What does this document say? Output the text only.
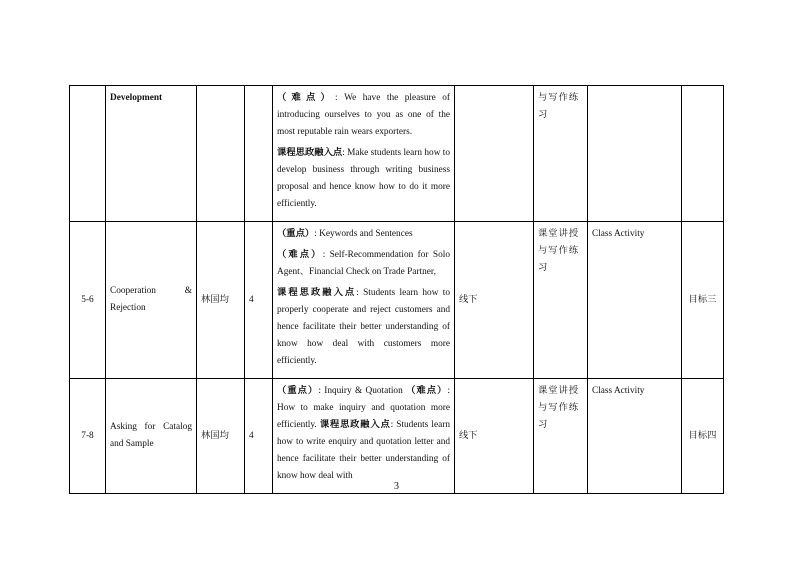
	Development			（难点）: We have the pleasure of introducing ourselves to you as one of the most reputable rain wears exporters.
课程思政融入点: Make students learn how to develop business through writing business proposal and hence know how to do it more efficiently.		与写作练习		
5-6	Cooperation & Rejection	林国均	4	（重点）: Keywords and Sentences
（难点）: Self-Recommendation for Solo Agent、Financial Check on Trade Partner,
课程思政融入点: Students learn how to properly cooperate and reject customers and hence facilitate their better understanding of know how deal with customers more efficiently.	线下	课堂讲授与写作练习	Class Activity	目标三
7-8	Asking for Catalog and Sample	林国均	4	（重点）: Inquiry & Quotation （难点）: How to make inquiry and quotation more efficiently. 课程思政融入点: Students learn how to write enquiry and quotation letter and hence facilitate their better understanding of know how deal with	线下	课堂讲授与写作练习	Class Activity	目标四
3
